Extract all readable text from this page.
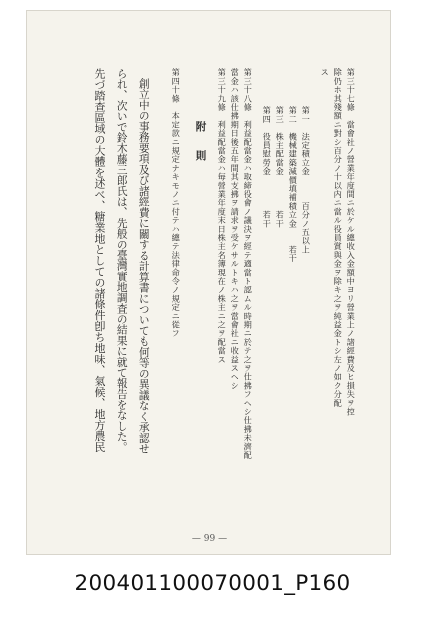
第三十七條　當會社ノ營業年度間ニ於ケル總收入金額中ヨリ營業上ノ諸經費及ヒ損失ヲ控
除仍ホ其殘額ニ對シ百分ノ十以内ニ當ル役員賞與金ヲ除キ之ヲ純益金トシ左ノ如ク分配
ス
第一　法定積立金　　　百分ノ五以上
第二　機械建築減價填補積立金　　若干
第三　株主配當金　　　　若干
第四　役員慰勞金　　　　若干
第三十八條　利益配當金ハ取締役會ノ議決ヲ經テ適當ト認ムル時期ニ於テ之ヲ仕拂フヘシ仕拂未濟配
當金ハ該仕拂期日後五年間其支拂ヲ請求ヲ受ケサルトキハ之ヲ當會社ニ收益スヘシ
第三十九條　利益配當金ハ毎營業年度末日株主名簿現在ノ株主ニ之ヲ配當ス
附　則
第四十條　本定款ニ規定ナキモノニ付テハ總テ法律命令ノ規定ニ從フ
創立中の事務要項及び諸經費に關する計算書についても何等の異議なく承認せ
られ、次いで鈴木藤三郎氏は、先般の臺灣實地調査の結果に就て報告をなした。
先づ踏查區域の大體を述べ、糖業地としての諸條件卽ち地味、氣候、地方農民
— 99 —
200401100070001_P160
